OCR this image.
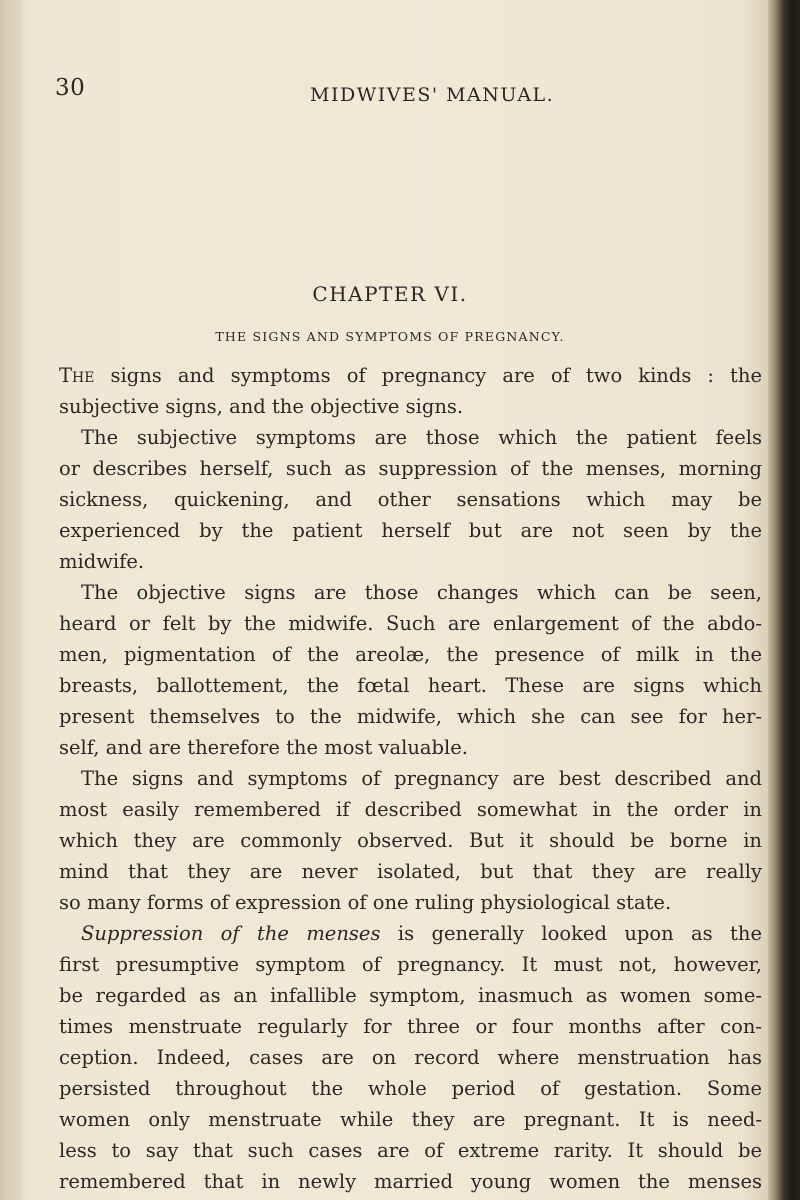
30	MIDWIVES' MANUAL.
CHAPTER VI.
THE SIGNS AND SYMPTOMS OF PREGNANCY.
The signs and symptoms of pregnancy are of two kinds : the
subjective signs, and the objective signs.
The subjective symptoms are those which the patient feels
or describes herself, such as suppression of the menses, morning
sickness, quickening, and other sensations which may be
experienced by the patient herself but are not seen by the
midwife.
The objective signs are those changes which can be seen,
heard or felt by the midwife. Such are enlargement of the abdo-
men, pigmentation of the areolæ, the presence of milk in the
breasts, ballottement, the fœtal heart. These are signs which
present themselves to the midwife, which she can see for her-
self, and are therefore the most valuable.
The signs and symptoms of pregnancy are best described and
most easily remembered if described somewhat in the order in
which they are commonly observed. But it should be borne in
mind that they are never isolated, but that they are really
so many forms of expression of one ruling physiological state.
Suppression of the menses is generally looked upon as the
first presumptive symptom of pregnancy. It must not, however,
be regarded as an infallible symptom, inasmuch as women some-
times menstruate regularly for three or four months after con-
ception. Indeed, cases are on record where menstruation has
persisted throughout the whole period of gestation. Some
women only menstruate while they are pregnant. It is need-
less to say that such cases are of extreme rarity. It should be
remembered that in newly married young women the menses
